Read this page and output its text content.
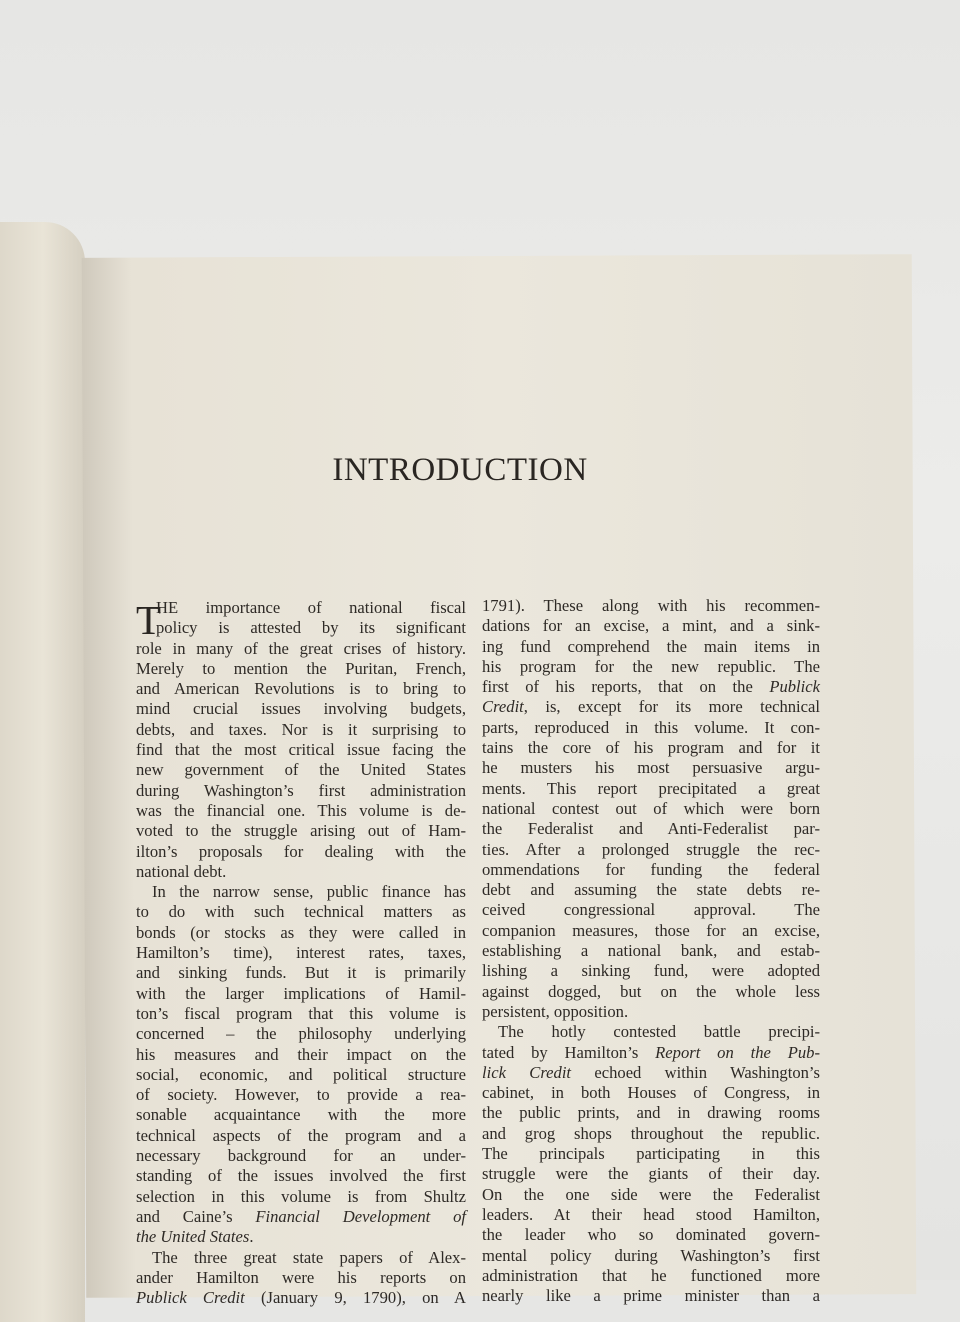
INTRODUCTION
HE importance of national fiscal
policy is attested by its significant
role in many of the great crises of history.
Merely to mention the Puritan, French,
and American Revolutions is to bring to
mind crucial issues involving budgets,
debts, and taxes. Nor is it surprising to
find that the most critical issue facing the
new government of the United States
during Washington’s first administration
was the financial one. This volume is de-
voted to the struggle arising out of Ham-
ilton’s proposals for dealing with the
national debt.
In the narrow sense, public finance has
to do with such technical matters as
bonds (or stocks as they were called in
Hamilton’s time), interest rates, taxes,
and sinking funds. But it is primarily
with the larger implications of Hamil-
ton’s fiscal program that this volume is
concerned – the philosophy underlying
his measures and their impact on the
social, economic, and political structure
of society. However, to provide a rea-
sonable acquaintance with the more
technical aspects of the program and a
necessary background for an under-
standing of the issues involved the first
selection in this volume is from Shultz
and Caine’s Financial Development of
the United States.
The three great state papers of Alex-
ander Hamilton were his reports on
Publick Credit (January 9, 1790), on A
T	1791). These along with his recommen-
dations for an excise, a mint, and a sink-
ing fund comprehend the main items in
his program for the new republic. The
first of his reports, that on the Publick
Credit, is, except for its more technical
parts, reproduced in this volume. It con-
tains the core of his program and for it
he musters his most persuasive argu-
ments. This report precipitated a great
national contest out of which were born
the Federalist and Anti-Federalist par-
ties. After a prolonged struggle the rec-
ommendations for funding the federal
debt and assuming the state debts re-
ceived congressional approval. The
companion measures, those for an excise,
establishing a national bank, and estab-
lishing a sinking fund, were adopted
against dogged, but on the whole less
persistent, opposition.
The hotly contested battle precipi-
tated by Hamilton’s Report on the Pub-
lick Credit echoed within Washington’s
cabinet, in both Houses of Congress, in
the public prints, and in drawing rooms
and grog shops throughout the republic.
The principals participating in this
struggle were the giants of their day.
On the one side were the Federalist
leaders. At their head stood Hamilton,
the leader who so dominated govern-
mental policy during Washington’s first
administration that he functioned more
nearly like a prime minister than a
